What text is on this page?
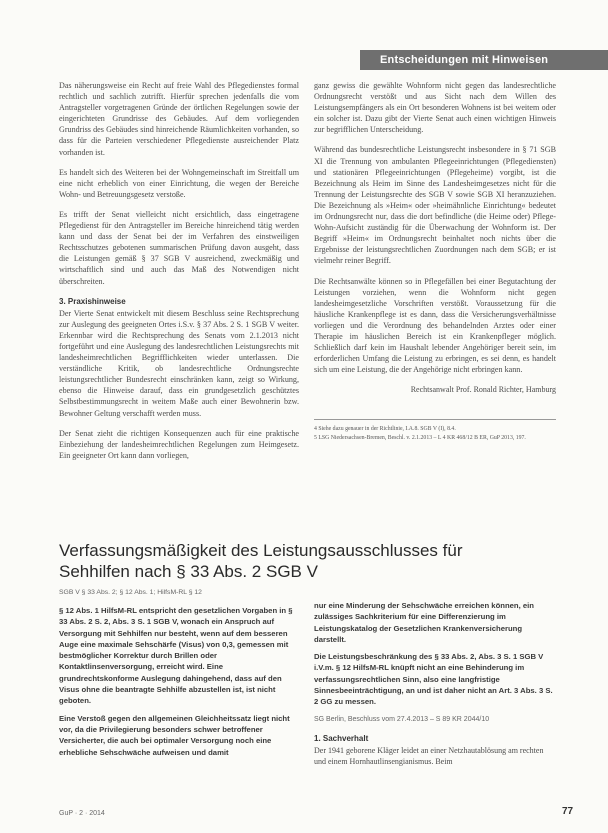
Entscheidungen mit Hinweisen

Das näherungsweise ein Recht auf freie Wahl des Pflegedienstes formal rechtlich und sachlich zutrifft. Hierfür sprechen jedenfalls die vom Antragsteller vorgetragenen Gründe der örtlichen Regelungen sowie der eingerichteten Grundrisse des Gebäudes. Auf dem vorliegenden Grundriss des Gebäudes sind hinreichende Räumlichkeiten vorhanden, so dass für die Parteien verschiedener Pflegedienste ausreichender Platz vorhanden ist.

Es handelt sich des Weiteren bei der Wohngemeinschaft im Streitfall um eine nicht erheblich von einer Einrichtung, die wegen der Bereiche Wohn- und Betreuungsgesetz verstoße.

Es trifft der Senat vielleicht nicht ersichtlich, dass eingetragene Pflegedienst für den Antragsteller im Bereiche hinreichend tätig werden kann und dass der Senat bei der im Verfahren des einstweiligen Rechtsschutzes gebotenen summarischen Prüfung davon ausgeht, dass die Leistungen gemäß § 37 SGB V ausreichend, zweckmäßig und wirtschaftlich sind und auch das Maß des Notwendigen nicht überschreiten.

3. Praxishinweise

Der Vierte Senat entwickelt mit diesem Beschluss seine Rechtsprechung zur Auslegung des geeigneten Ortes i.S.v. § 37 Abs. 2 S. 1 SGB V weiter. Erkennbar wird die Rechtsprechung des Senats vom 2.1.2013 nicht fortgeführt und eine Auslegung des landesrechtlichen Leistungsrechts mit landesheimrechtlichen Begrifflichkeiten wieder unterlassen. Die verständliche Kritik, ob landesrechtliche Ordnungsrechte leistungsrechtlicher Bundesrecht einschränken kann, zeigt so Wirkung, ebenso die Hinweise darauf, dass ein grundgesetzlich geschütztes Selbstbestimmungsrecht in weitem Maße auch einer Bewohnerin bzw. Bewohner Geltung verschafft werden muss.

Der Senat zieht die richtigen Konsequenzen auch für eine praktische Einbeziehung der landesheimrechtlichen Regelungen zum Heimgesetz. Ein geeigneter Ort kann dann vorliegen,

ganz gewiss die gewählte Wohnform nicht gegen das landesrechtliche Ordnungsrecht verstößt und aus Sicht nach dem Willen des Leistungsempfängers als ein Ort besonderen Wohnens ist bei weitem oder ein solcher ist. Dazu gibt der Vierte Senat auch einen wichtigen Hinweis zur begrifflichen Unterscheidung.

Während das bundesrechtliche Leistungsrecht insbesondere in § 71 SGB XI die Trennung von ambulanten Pflegeeinrichtungen (Pflegediensten) und stationären Pflegeeinrichtungen (Pflegeheime) vorgibt, ist die Bezeichnung als Heim im Sinne des Landesheimgesetzes nicht für die Trennung der Leistungsrechte des SGB V sowie SGB XI heranzuziehen. Die Bezeichnung als »Heim« oder »heimähnliche Einrichtung« bedeutet im Ordnungsrecht nur, dass die dort befindliche (die Heime oder) Pflege-Wohn-Aufsicht zuständig für die Überwachung der Wohnform ist. Der Begriff »Heim« im Ordnungsrecht beinhaltet noch nichts über die Ergebnisse der leistungsrechtlichen Zuordnungen nach dem SGB; er ist vielmehr reiner Begriff.

Die Rechtsanwälte können so in Pflegefällen bei einer Begutachtung der Leistungen vorziehen, wenn die Wohnform nicht gegen landesheimgesetzliche Vorschriften verstößt. Voraussetzung für die häusliche Krankenpflege ist es dann, dass die Versicherungsverhältnisse vorliegen und die Verordnung des behandelnden Arztes oder einer Therapie im häuslichen Bereich ist ein Krankenpfleger möglich. Schließlich darf kein im Haushalt lebender Angehöriger bereit sein, im erforderlichen Umfang die Leistung zu erbringen, es sei denn, es handelt sich um eine Leistung, die der Angehörige nicht erbringen kann.

Rechtsanwalt Prof. Ronald Richter, Hamburg
4 Siehe dazu genauer in der Richtlinie, I.A.8. SGB V (I), 8.4.
5 LSG Niedersachsen-Bremen, Beschl. v. 2.1.2013 – L 4 KR 468/12 B ER, GuP 2013, 197.
Verfassungsmäßigkeit des Leistungsausschlusses für Sehhilfen nach § 33 Abs. 2 SGB V
SGB V § 33 Abs. 2; § 12 Abs. 1; HilfsM-RL § 12

§ 12 Abs. 1 HilfsM-RL entspricht den gesetzlichen Vorgaben in § 33 Abs. 2 S. 2, Abs. 3 S. 1 SGB V, wonach ein Anspruch auf Versorgung mit Sehhilfen nur besteht, wenn auf dem besseren Auge eine maximale Sehschärfe (Visus) von 0,3, gemessen mit bestmöglicher Korrektur durch Brillen oder Kontaktlinsenversorgung, erreicht wird. Eine grundrechtskonforme Auslegung dahingehend, dass auf den Visus ohne die beantragte Sehhilfe abzustellen ist, ist nicht geboten.

Eine Verstoß gegen den allgemeinen Gleichheitssatz liegt nicht vor, da die Privilegierung besonders schwer betroffener Versicherter, die auch bei optimaler Versorgung noch eine erhebliche Sehschwäche aufweisen und damit

nur eine Minderung der Sehschwäche erreichen können, ein zulässiges Sachkriterium für eine Differenzierung im Leistungskatalog der Gesetzlichen Krankenversicherung darstellt.

Die Leistungsbeschränkung des § 33 Abs. 2, Abs. 3 S. 1 SGB V i.V.m. § 12 HilfsM-RL knüpft nicht an eine Behinderung im verfassungsrechtlichen Sinn, also eine langfristige Sinnesbeeinträchtigung, an und ist daher nicht an Art. 3 Abs. 3 S. 2 GG zu messen.

SG Berlin, Beschluss vom 27.4.2013 – S 89 KR 2044/10
1. Sachverhalt
Der 1941 geborene Kläger leidet an einer Netzhautablösung am rechten und einem Hornhautlinsengianismus. Beim
GuP · 2 · 2014	77
